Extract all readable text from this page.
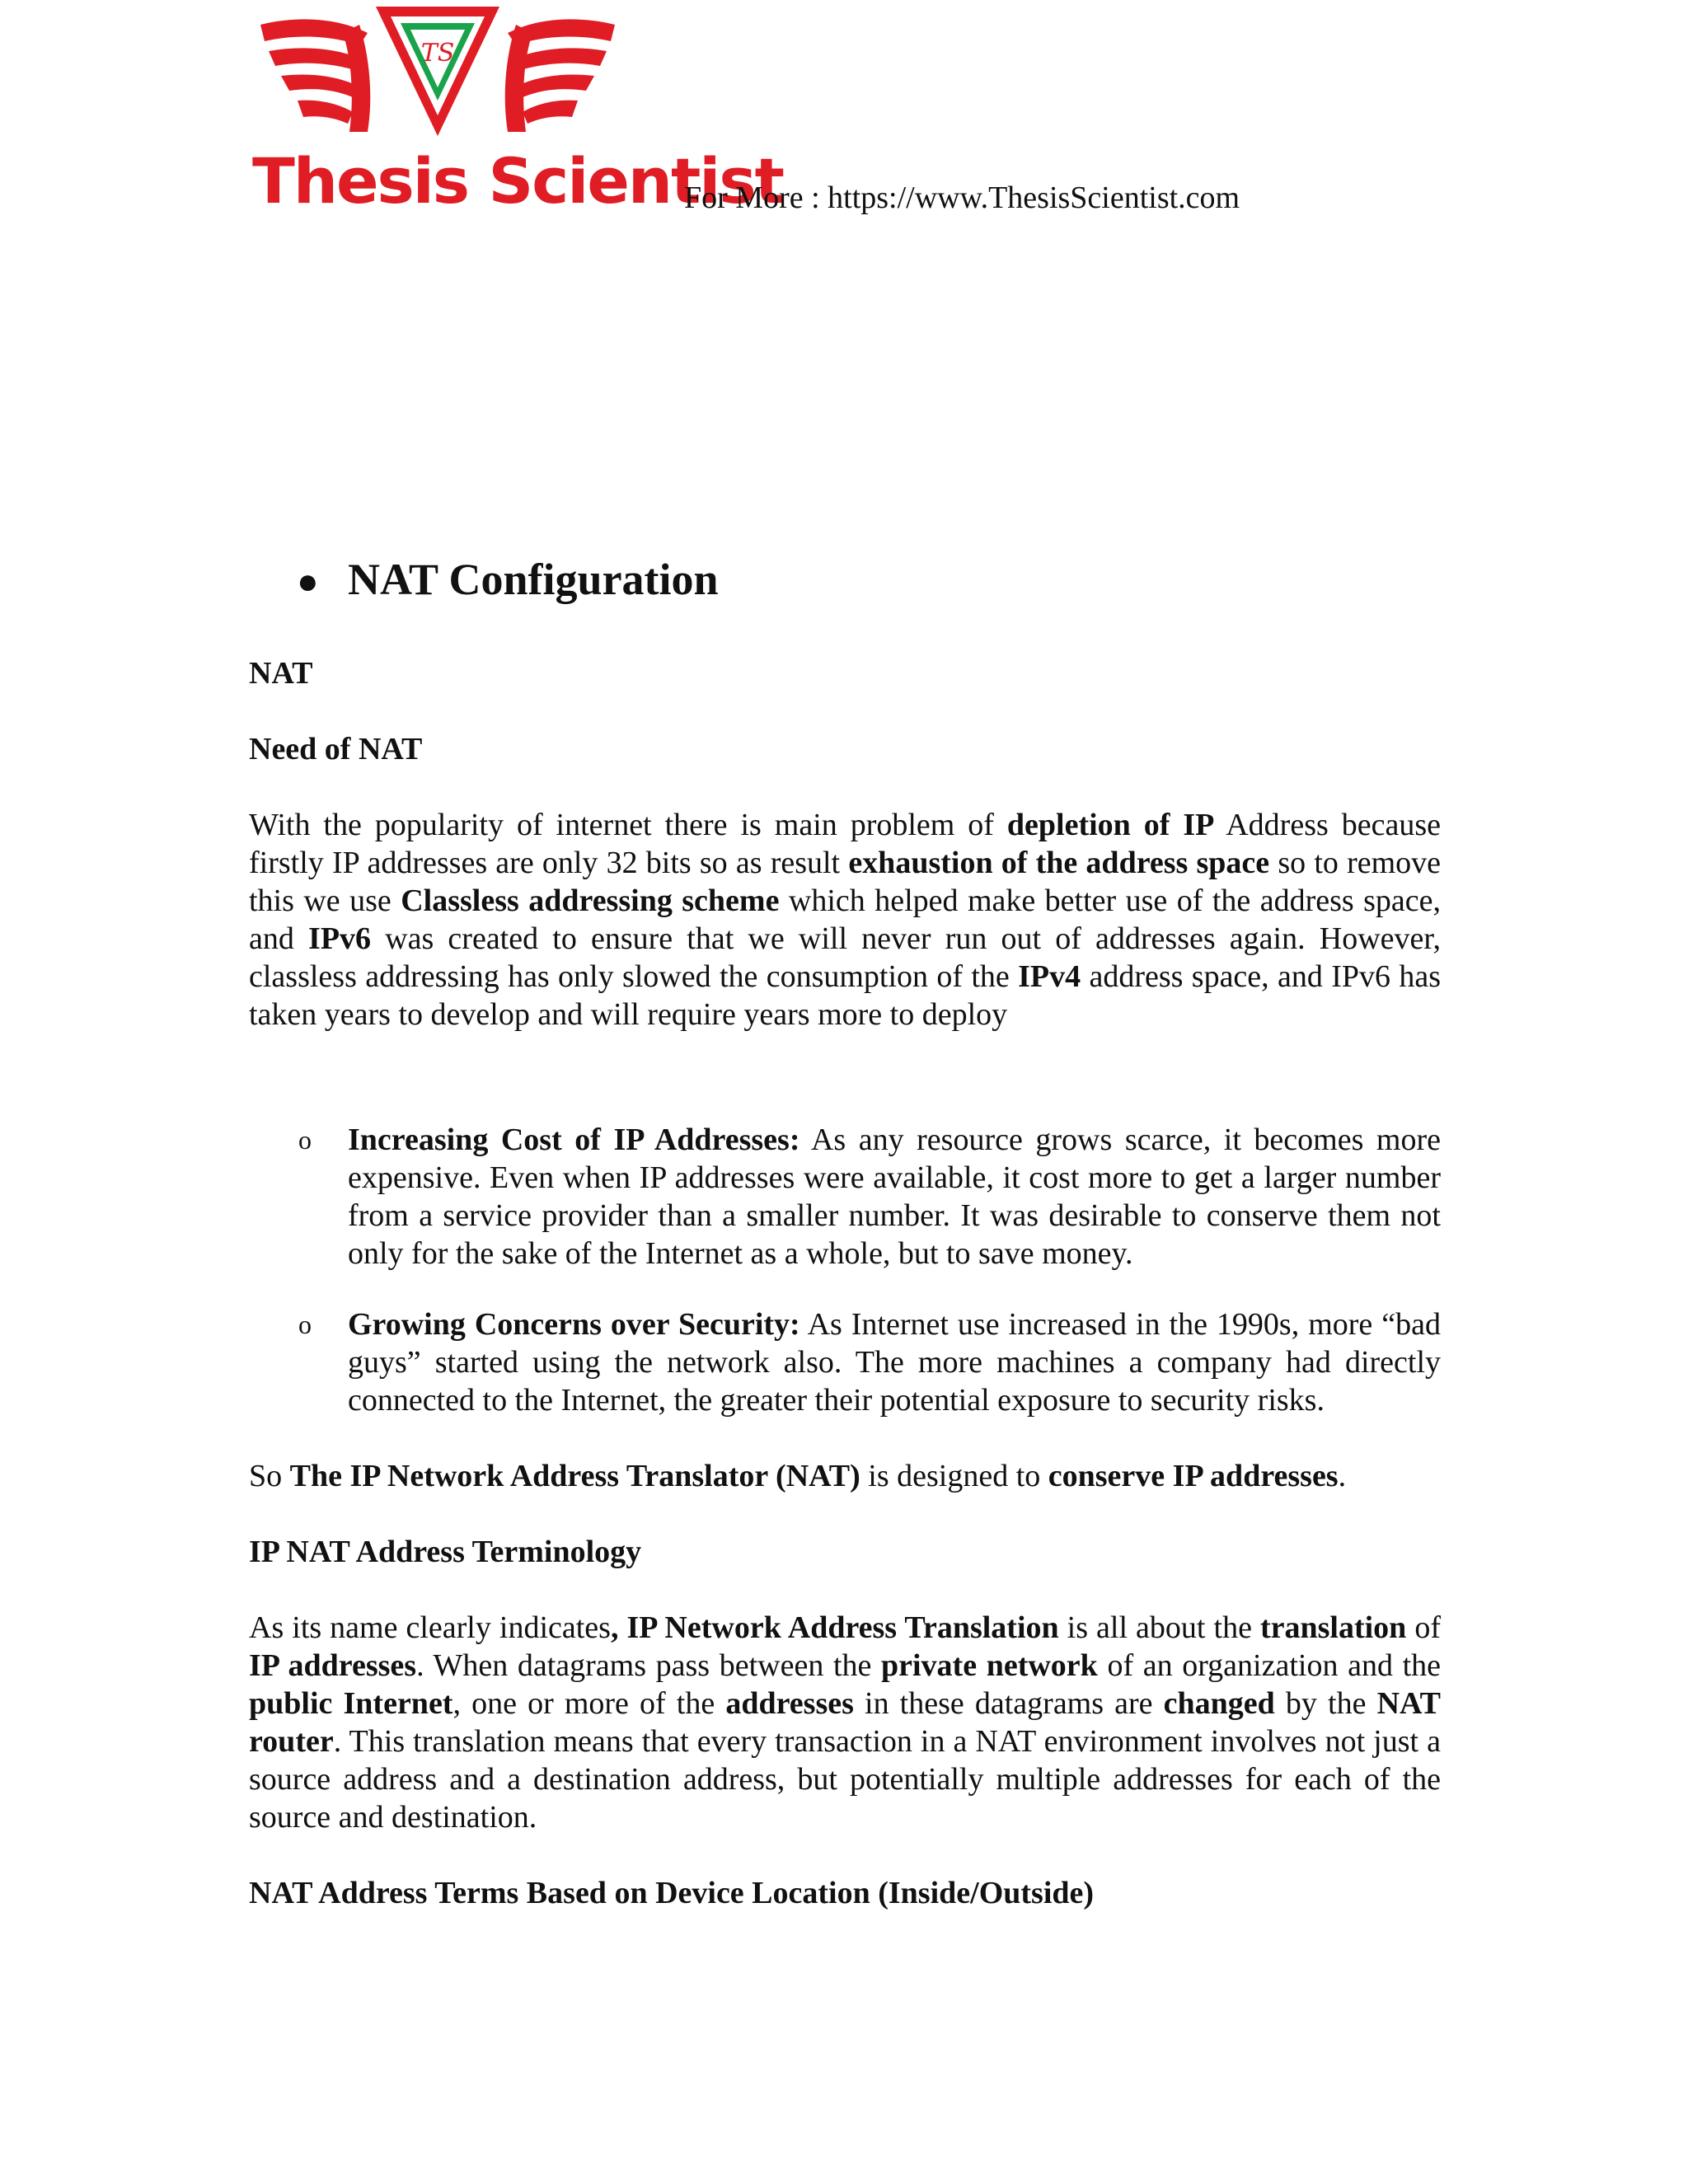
TS
Thesis Scientist
For More : https://www.ThesisScientist.com
● NAT Configuration
NAT
Need of NAT

With the popularity of internet there is main problem of depletion of IP Address because firstly IP addresses are only 32 bits so as result exhaustion of the address space so to remove this we use Classless addressing scheme which helped make better use of the address space, and IPv6 was created to ensure that we will never run out of addresses again. However, classless addressing has only slowed the consumption of the IPv4 address space, and IPv6 has taken years to develop and will require years more to deploy

o Increasing Cost of IP Addresses: As any resource grows scarce, it becomes more expensive. Even when IP addresses were available, it cost more to get a larger number from a service provider than a smaller number. It was desirable to conserve them not only for the sake of the Internet as a whole, but to save money.
o Growing Concerns over Security: As Internet use increased in the 1990s, more “bad guys” started using the network also. The more machines a company had directly connected to the Internet, the greater their potential exposure to security risks.

So The IP Network Address Translator (NAT) is designed to conserve IP addresses.

IP NAT Address Terminology

As its name clearly indicates, IP Network Address Translation is all about the translation of IP addresses. When datagrams pass between the private network of an organization and the public Internet, one or more of the addresses in these datagrams are changed by the NAT router. This translation means that every transaction in a NAT environment involves not just a source address and a destination address, but potentially multiple addresses for each of the source and destination.

NAT Address Terms Based on Device Location (Inside/Outside)
